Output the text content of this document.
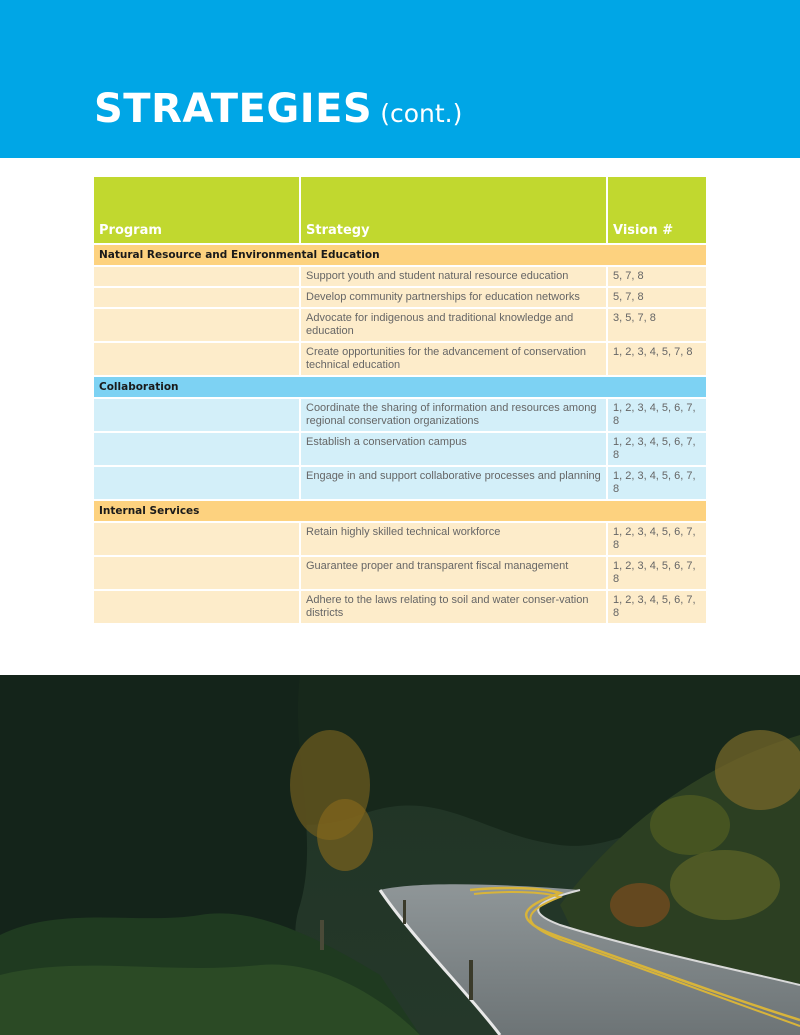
STRATEGIES (cont.)
Program	Strategy	Vision #
Natural Resource and Environmental Education		
	Support youth and student natural resource education	5, 7, 8
	Develop community partnerships for education networks	5, 7, 8
	Advocate for indigenous and traditional knowledge and education	3, 5, 7, 8
	Create opportunities for the advancement of conservation technical education	1, 2, 3, 4, 5, 7, 8
Collaboration		
	Coordinate the sharing of information and resources among regional conservation organizations	1, 2, 3, 4, 5, 6, 7, 8
	Establish a conservation campus	1, 2, 3, 4, 5, 6, 7, 8
	Engage in and support collaborative processes and planning	1, 2, 3, 4, 5, 6, 7, 8
Internal Services		
	Retain highly skilled technical workforce	1, 2, 3, 4, 5, 6, 7, 8
	Guarantee proper and transparent fiscal management	1, 2, 3, 4, 5, 6, 7, 8
	Adhere to the laws relating to soil and water conser-vation districts	1, 2, 3, 4, 5, 6, 7, 8
